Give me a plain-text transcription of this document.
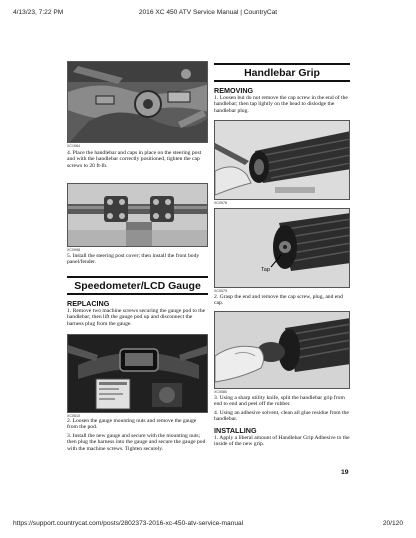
4/13/23, 7:22 PM	2016 XC 450 ATV Service Manual | CountryCat
XC1064
4. Place the handlebar and caps in place on the steering post and with the handlebar correctly positioned, tighten the cap screws to 20 ft-lb.
XC0998
5. Install the steering post cover; then install the front body panel/fender.
Speedometer/LCD Gauge
REPLACING
1. Remove two machine screws securing the gauge pod to the handlebar; then lift the gauge pod up and disconnect the harness plug from the gauge.
XC0610
2. Loosen the gauge mounting nuts and remove the gauge from the pod.
3. Install the new gauge and secure with the mounting nuts; then plug the harness into the gauge and secure the gauge pod with the machine screws. Tighten securely.
Handlebar Grip
REMOVING
1. Loosen but do not remove the cap screw in the end of the handlebar; then tap lightly on the head to dislodge the handlebar plug.
XC0578
Tap
XC0579
2. Grasp the end and remove the cap screw, plug, and end cap.
XC0580
3. Using a sharp utility knife, split the handlebar grip from end to end and peel off the rubber.
4. Using an adhesive solvent, clean all glue residue from the handlebar.
INSTALLING
1. Apply a liberal amount of Handlebar Grip Adhesive to the inside of the new grip.
19
https://support.countrycat.com/posts/2802373-2016-xc-450-atv-service-manual	20/120
